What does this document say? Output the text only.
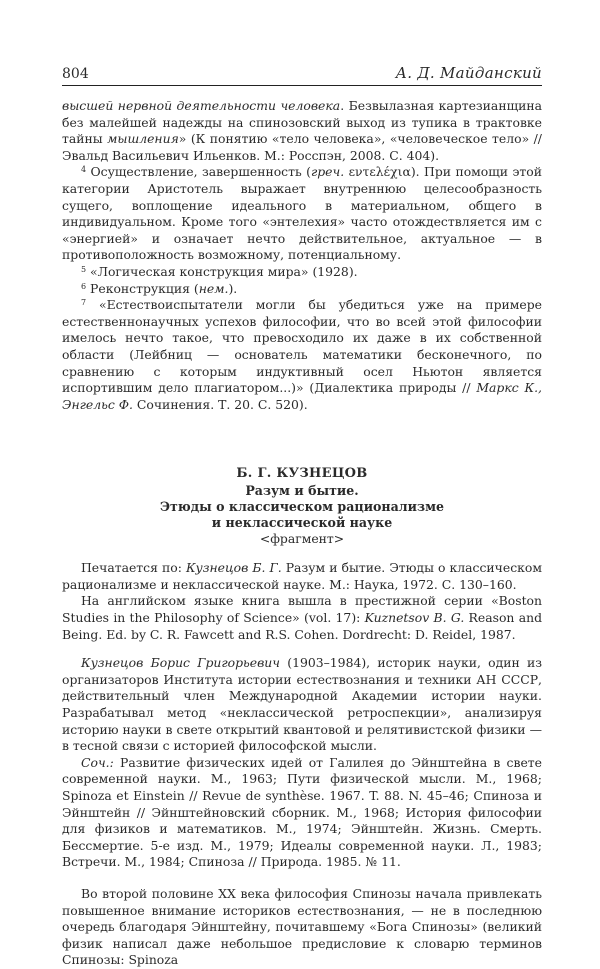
804	А. Д. Майданский

высшей нервной деятельности человека. Безвылазная картезианщина без малейшей надежды на спинозовский выход из тупика в трактовке тайны мышления» (К понятию «тело человека», «человеческое тело» // Эвальд Васильевич Ильенков. М.: Росспэн, 2008. С. 404).

$^4$ Осуществление, завершенность (греч. εντελέχια). При помощи этой категории Аристотель выражает внутреннюю целесообразность сущего, воплощение идеального в материальном, общего в индивидуальном. Кроме того «энтелехия» часто отождествляется им с «энергией» и означает нечто действительное, актуальное — в противоположность возможному, потенциальному.

$^5$ «Логическая конструкция мира» (1928).

$^6$ Реконструкция (нем.).

$^7$ «Естествоиспытатели могли бы убедиться уже на примере естественнонаучных успехов философии, что во всей этой философии имелось нечто такое, что превосходило их даже в их собственной области (Лейбниц — основатель математики бесконечного, по сравнению с которым индуктивный осел Ньютон является испортившим дело плагиатором...)» (Диалектика природы // Маркс К., Энгельс Ф. Сочинения. Т. 20. С. 520).

Б. Г. КУЗНЕЦОВ
Разум и бытие.
Этюды о классическом рационализме
и неклассической науке
<фрагмент>

Печатается по: Кузнецов Б. Г. Разум и бытие. Этюды о классическом рационализме и неклассической науке. М.: Наука, 1972. С. 130–160.

На английском языке книга вышла в престижной серии «Boston Studies in the Philosophy of Science» (vol. 17): Kuznetsov B. G. Reason and Being. Ed. by C. R. Fawcett and R.S. Cohen. Dordrecht: D. Reidel, 1987.

Кузнецов Борис Григорьевич (1903–1984), историк науки, один из организаторов Института истории естествознания и техники АН СССР, действительный член Международной Академии истории науки. Разрабатывал метод «неклассической ретроспекции», анализируя историю науки в свете открытий квантовой и релятивистской физики — в тесной связи с историей философской мысли.

Соч.: Развитие физических идей от Галилея до Эйнштейна в свете современной науки. М., 1963; Пути физической мысли. М., 1968; Spinoza et Einstein // Revue de synthèse. 1967. T. 88. N. 45–46; Спиноза и Эйнштейн // Эйнштейновский сборник. М., 1968; История философии для физиков и математиков. М., 1974; Эйнштейн. Жизнь. Смерть. Бессмертие. 5-е изд. М., 1979; Идеалы современной науки. Л., 1983; Встречи. М., 1984; Спиноза // Природа. 1985. № 11.

Во второй половине XX века философия Спинозы начала привлекать повышенное внимание историков естествознания, — не в последнюю очередь благодаря Эйнштейну, почитавшему «Бога Спинозы» (великий физик написал даже небольшое предисловие к словарю терминов Спинозы: Spinoza
